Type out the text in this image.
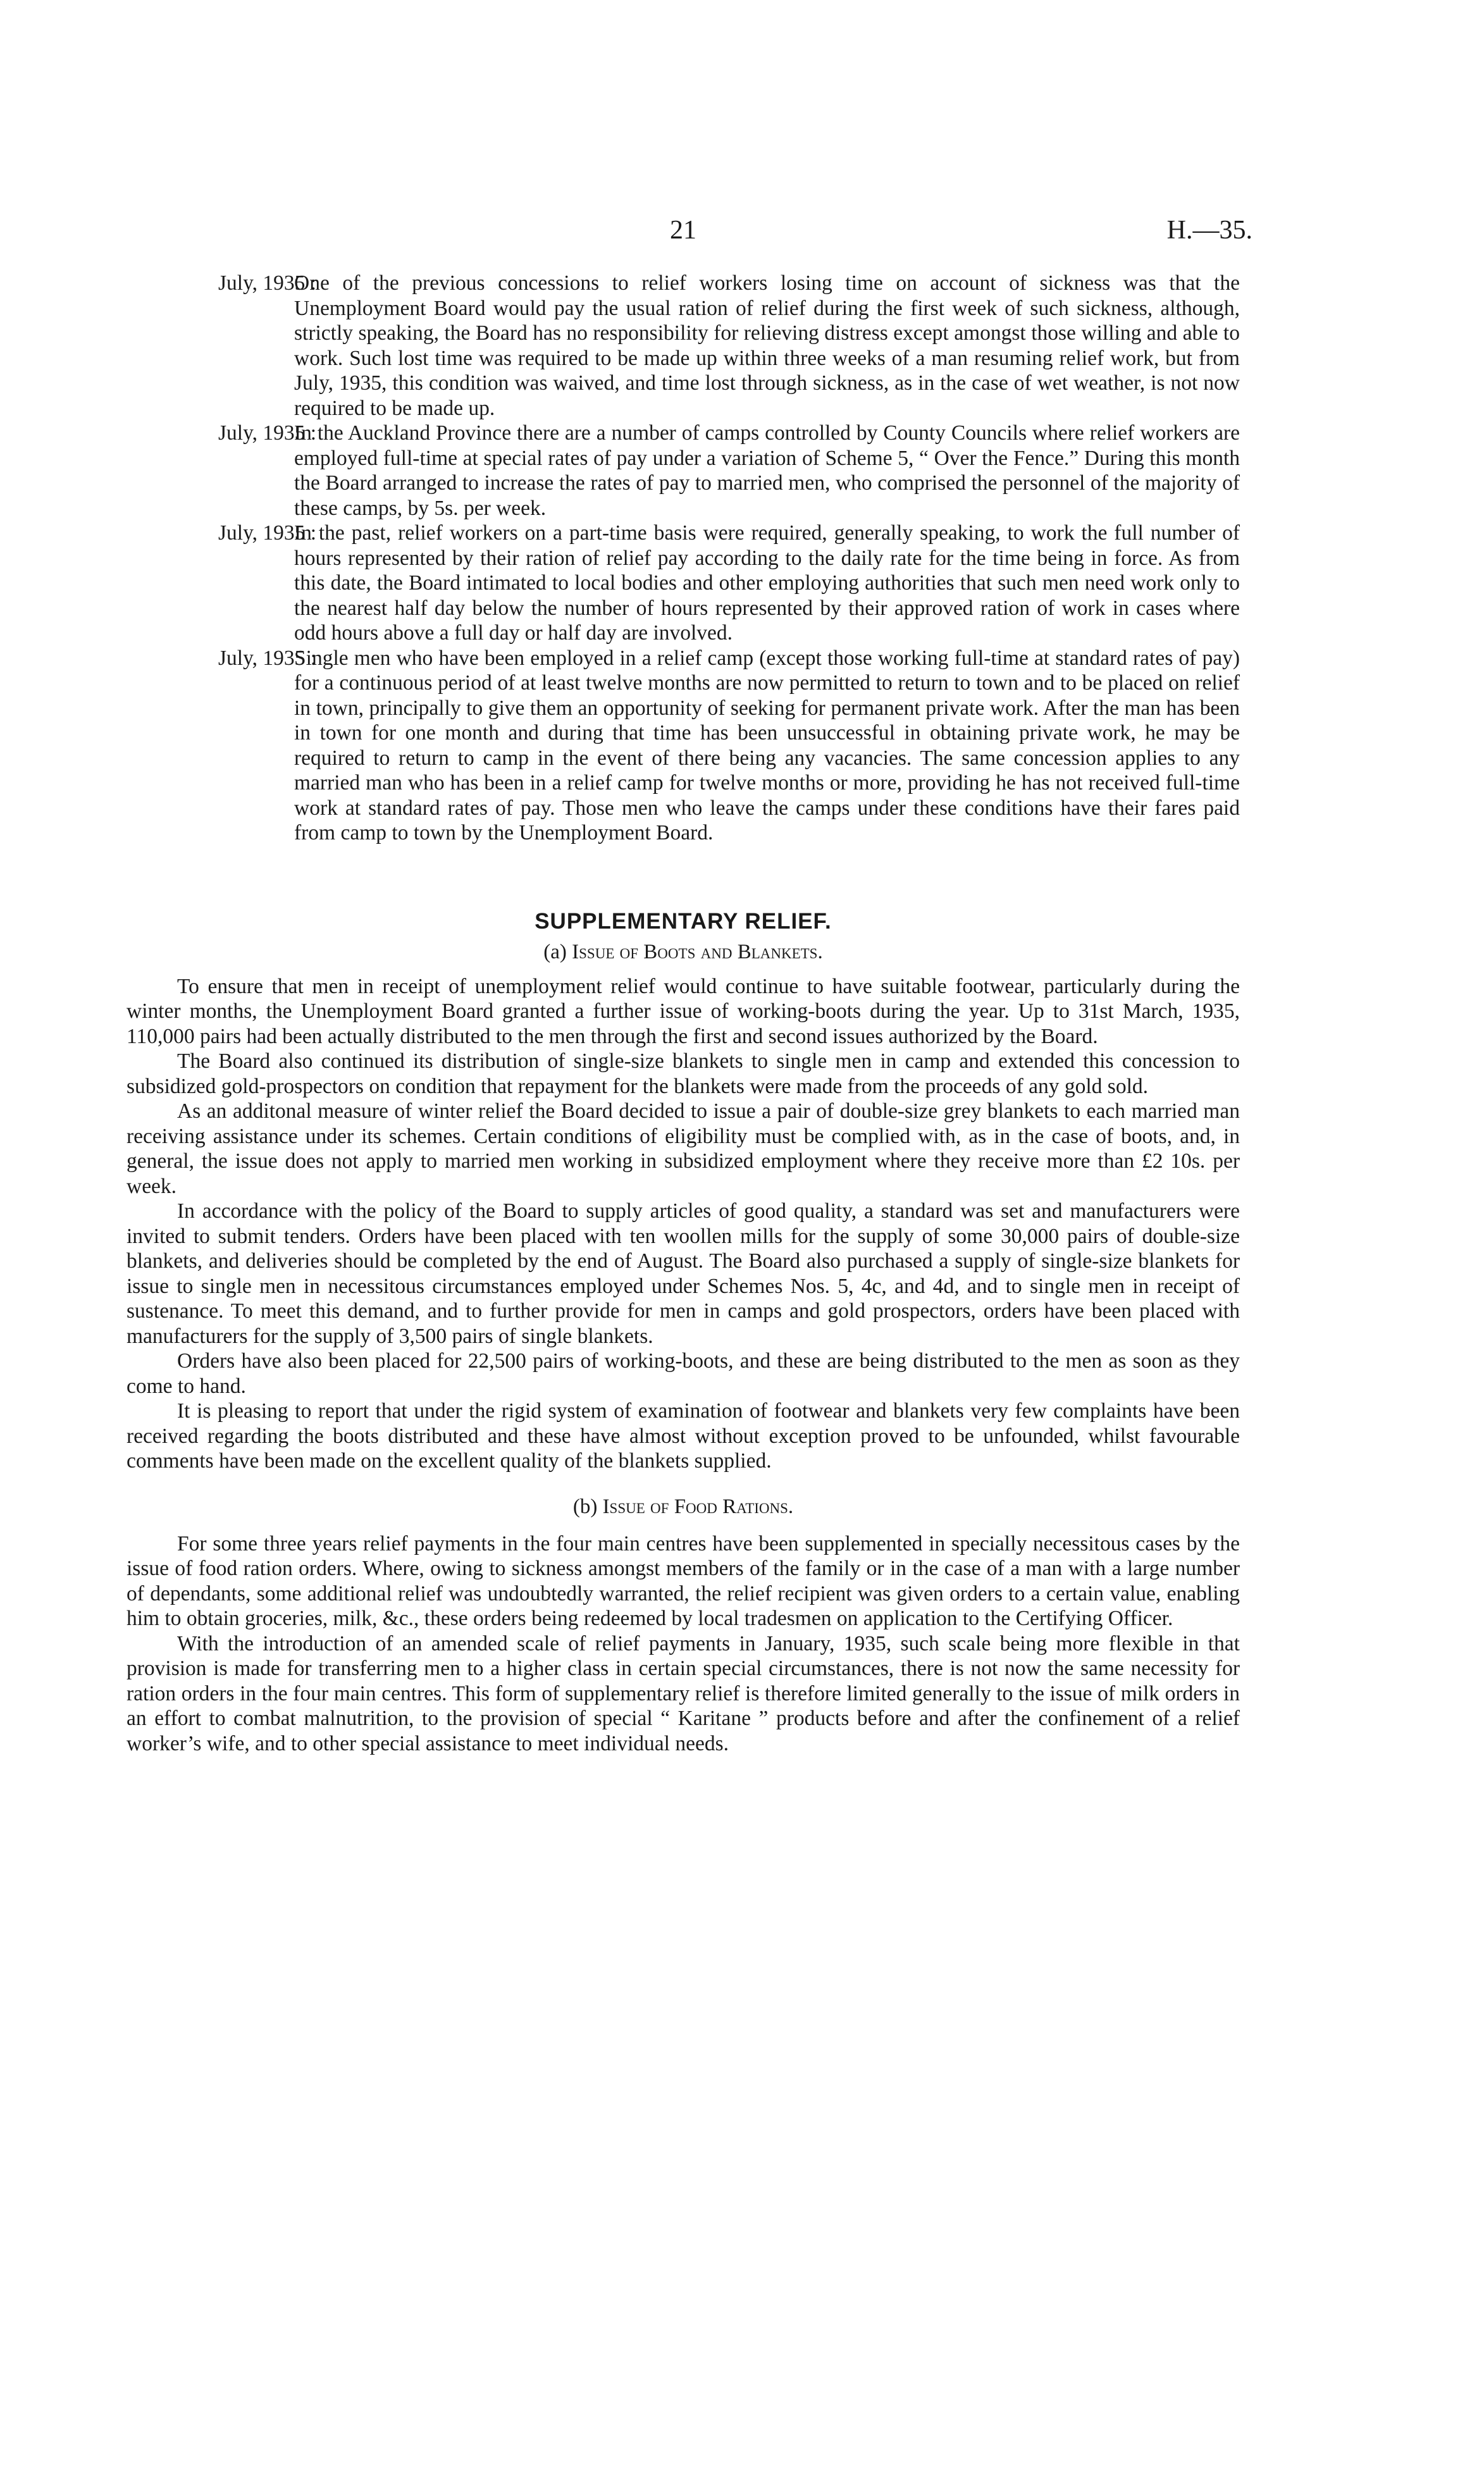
21	H.—35.
July, 1935 :
One of the previous concessions to relief workers losing time on account of sickness was that the Unemployment Board would pay the usual ration of relief during the first week of such sickness, although, strictly speaking, the Board has no responsibility for relieving distress except amongst those willing and able to work. Such lost time was required to be made up within three weeks of a man resuming relief work, but from July, 1935, this condition was waived, and time lost through sickness, as in the case of wet weather, is not now required to be made up.
July, 1935 :
In the Auckland Province there are a number of camps controlled by County Councils where relief workers are employed full-time at special rates of pay under a variation of Scheme 5, “ Over the Fence.” During this month the Board arranged to increase the rates of pay to married men, who comprised the personnel of the majority of these camps, by 5s. per week.
July, 1935 :
In the past, relief workers on a part-time basis were required, generally speaking, to work the full number of hours represented by their ration of relief pay according to the daily rate for the time being in force. As from this date, the Board intimated to local bodies and other employing authorities that such men need work only to the nearest half day below the number of hours represented by their approved ration of work in cases where odd hours above a full day or half day are involved.
July, 1935 :
Single men who have been employed in a relief camp (except those working full-time at standard rates of pay) for a continuous period of at least twelve months are now permitted to return to town and to be placed on relief in town, principally to give them an opportunity of seeking for permanent private work. After the man has been in town for one month and during that time has been unsuccessful in obtaining private work, he may be required to return to camp in the event of there being any vacancies. The same concession applies to any married man who has been in a relief camp for twelve months or more, providing he has not received full-time work at standard rates of pay. Those men who leave the camps under these conditions have their fares paid from camp to town by the Unemployment Board.
SUPPLEMENTARY RELIEF.
(a) Issue of Boots and Blankets.

To ensure that men in receipt of unemployment relief would continue to have suitable footwear, particularly during the winter months, the Unemployment Board granted a further issue of working-boots during the year. Up to 31st March, 1935, 110,000 pairs had been actually distributed to the men through the first and second issues authorized by the Board.

The Board also continued its distribution of single-size blankets to single men in camp and extended this concession to subsidized gold-prospectors on condition that repayment for the blankets were made from the proceeds of any gold sold.

As an additonal measure of winter relief the Board decided to issue a pair of double-size grey blankets to each married man receiving assistance under its schemes. Certain conditions of eligibility must be complied with, as in the case of boots, and, in general, the issue does not apply to married men working in subsidized employment where they receive more than £2 10s. per week.

In accordance with the policy of the Board to supply articles of good quality, a standard was set and manufacturers were invited to submit tenders. Orders have been placed with ten woollen mills for the supply of some 30,000 pairs of double-size blankets, and deliveries should be completed by the end of August. The Board also purchased a supply of single-size blankets for issue to single men in necessitous circumstances employed under Schemes Nos. 5, 4c, and 4d, and to single men in receipt of sustenance. To meet this demand, and to further provide for men in camps and gold prospectors, orders have been placed with manufacturers for the supply of 3,500 pairs of single blankets.

Orders have also been placed for 22,500 pairs of working-boots, and these are being distributed to the men as soon as they come to hand.

It is pleasing to report that under the rigid system of examination of footwear and blankets very few complaints have been received regarding the boots distributed and these have almost without exception proved to be unfounded, whilst favourable comments have been made on the excellent quality of the blankets supplied.

(b) Issue of Food Rations.

For some three years relief payments in the four main centres have been supplemented in specially necessitous cases by the issue of food ration orders. Where, owing to sickness amongst members of the family or in the case of a man with a large number of dependants, some additional relief was undoubtedly warranted, the relief recipient was given orders to a certain value, enabling him to obtain groceries, milk, &c., these orders being redeemed by local tradesmen on application to the Certifying Officer.

With the introduction of an amended scale of relief payments in January, 1935, such scale being more flexible in that provision is made for transferring men to a higher class in certain special circumstances, there is not now the same necessity for ration orders in the four main centres. This form of supplementary relief is therefore limited generally to the issue of milk orders in an effort to combat malnutrition, to the provision of special “ Karitane ” products before and after the confinement of a relief worker’s wife, and to other special assistance to meet individual needs.
